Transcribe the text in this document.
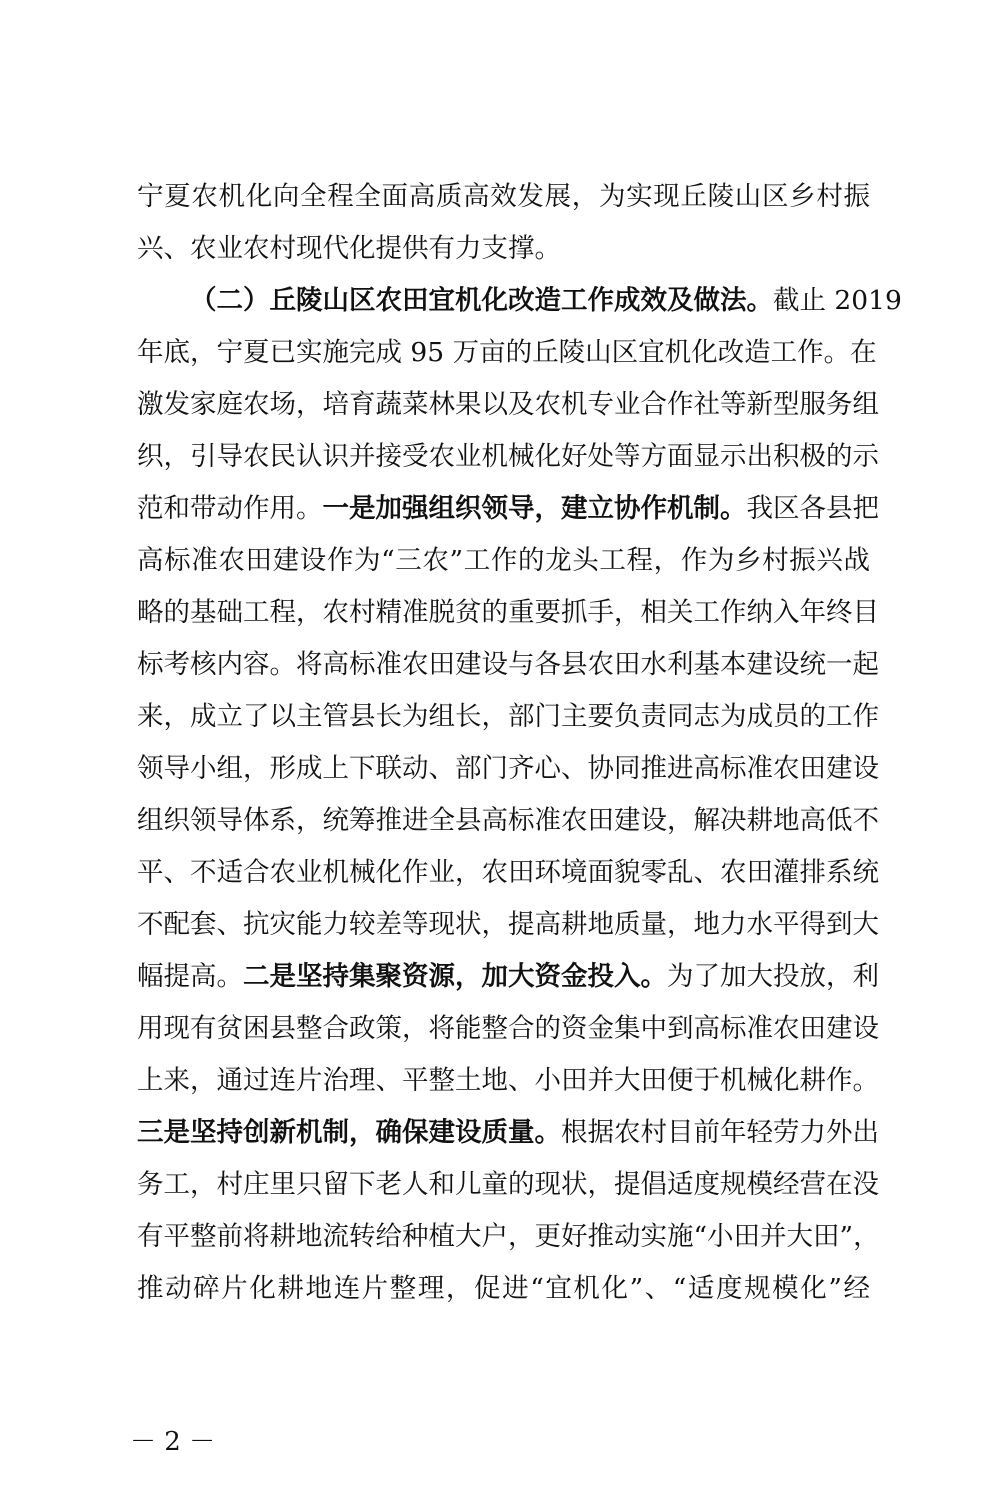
宁夏农机化向全程全面高质高效发展，为实现丘陵山区乡村振
兴、农业农村现代化提供有力支撑。
（二）丘陵山区农田宜机化改造工作成效及做法。截止 2019
年底，宁夏已实施完成 95 万亩的丘陵山区宜机化改造工作。在
激发家庭农场，培育蔬菜林果以及农机专业合作社等新型服务组
织，引导农民认识并接受农业机械化好处等方面显示出积极的示
范和带动作用。一是加强组织领导，建立协作机制。我区各县把
高标准农田建设作为“三农”工作的龙头工程，作为乡村振兴战
略的基础工程，农村精准脱贫的重要抓手，相关工作纳入年终目
标考核内容。将高标准农田建设与各县农田水利基本建设统一起
来，成立了以主管县长为组长，部门主要负责同志为成员的工作
领导小组，形成上下联动、部门齐心、协同推进高标准农田建设
组织领导体系，统筹推进全县高标准农田建设，解决耕地高低不
平、不适合农业机械化作业，农田环境面貌零乱、农田灌排系统
不配套、抗灾能力较差等现状，提高耕地质量，地力水平得到大
幅提高。二是坚持集聚资源，加大资金投入。为了加大投放，利
用现有贫困县整合政策，将能整合的资金集中到高标准农田建设
上来，通过连片治理、平整土地、小田并大田便于机械化耕作。
三是坚持创新机制，确保建设质量。根据农村目前年轻劳力外出
务工，村庄里只留下老人和儿童的现状，提倡适度规模经营在没
有平整前将耕地流转给种植大户，更好推动实施“小田并大田”，
推动碎片化耕地连片整理，促进“宜机化”、“适度规模化”经
－ 2 －
